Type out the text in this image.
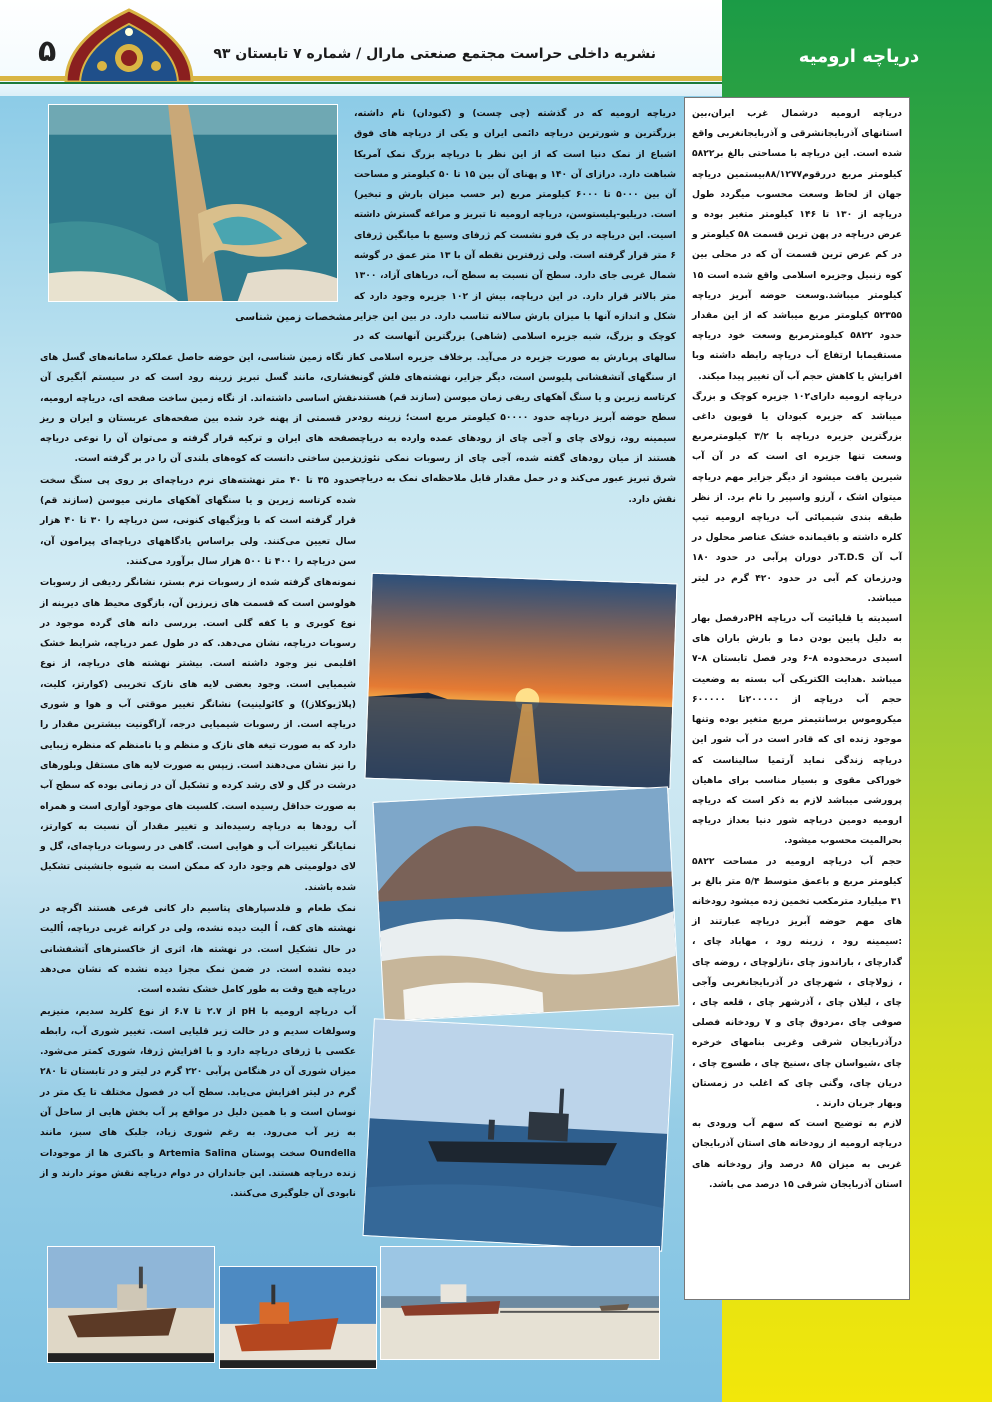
۵	نشریه داخلی حراست مجتمع صنعتی مارال / شماره ۷ تابستان ۹۳	دریاچه ارومیه

دریاچه ارومیه درشمال غرب ایران،بین استانهای آذربایجانشرقی و آذربایجانغربی واقع شده است. این دریاچه با مساحتی بالغ بر۵۸۲۲ کیلومتر مربع دررقوم۸۸/۱۲۷۷بیستمین دریاچه جهان از لحاظ وسعت محسوب میگردد طول دریاچه از ۱۳۰ تا ۱۴۶ کیلومتر متغیر بوده و عرض دریاچه در پهن ترین قسمت ۵۸ کیلومتر و در کم عرض ترین قسمت آن که در محلی بین کوه زنبیل وجزیره اسلامی واقع شده است ۱۵ کیلومتر میباشد.وسعت حوضه آبریز دریاچه ۵۲۳۵۵ کیلومتر مربع میباشد که از این مقدار حدود ۵۸۲۲ کیلومترمربع وسعت خود دریاچه مستقیمابا ارتفاع آب دریاچه رابطه داشته وبا افزایش یا کاهش حجم آب آن تغییر پیدا میکند.

دریاچه ارومیه دارای۱۰۲ جزیره کوچک و بزرگ میباشد که جزیره کبودان یا قویون داغی بزرگترین جزیره دریاچه با ۳/۲ کیلومترمربع وسعت تنها جزیره ای است که در آن آب شیرین یافت میشود از دیگر جزایر مهم دریاچه میتوان اشک ، آرزو واسپیر را نام برد. از نظر طبقه بندی شیمیائی آب دریاچه ارومیه تیپ کلره داشته و باقیمانده خشک عناصر محلول در آب آن T.D.Sدر دوران پرآبی در حدود ۱۸۰ ودرزمان کم آبی در حدود ۴۲۰ گرم در لیتر میباشد.

اسیدیته یا قلیائیت آب دریاچه PHدرفصل بهار به دلیل پایین بودن دما و بارش باران های اسیدی درمحدوده ۸-۶ ودر فصل تابستان ۸-۷ میباشد .هدایت الکتریکی آب بسته به وضعیت حجم آب دریاچه از ۲۰۰۰۰۰تا ۶۰۰۰۰۰ میکروموس برسانتیمتر مربع متغیر بوده وتنها موجود زنده ای که قادر است در آب شور این دریاچه زندگی نماید آرتمیا سالیناست که خوراکی مقوی و بسیار مناسب برای ماهیان پرورشی میباشد لازم به ذکر است که دریاچه ارومیه دومین دریاچه شور دنیا بعداز دریاچه بحرالمیت محسوب میشود.

حجم آب دریاچه ارومیه در مساحت ۵۸۲۲ کیلومتر مربع و باعمق متوسط ۵/۴ متر بالغ بر ۳۱ میلیارد مترمکعب تخمین زده میشود رودخانه های مهم حوضه آبریز دریاچه عبارتند از :سیمینه رود ، زرینه رود ، مهاباد چای ، گدارچای ، باراندوز چای ،نازلوچای ، روضه چای ، زولاچای ، شهرچای در آذربایجانغربی وآجی چای ، لیلان چای ، آذرشهر چای ، قلعه چای ، صوفی چای ،مردوق چای و ۷ رودخانه فصلی درآذربایجان شرقی وغربی بنامهای خرخره چای ،شیواسان چای ،سنیخ چای ، طسوج چای ، دریان چای، وگنی چای که اغلب در زمستان وبهار جریان دارند .

لازم به توضیح است که سهم آب ورودی به دریاچه ارومیه از رودخانه های استان آذربایجان غربی به میزان ۸۵ درصد واز رودخانه های استان آذربایجان شرقی ۱۵ درصد می باشد.

دریاچه ارومیه که در گذشته (چی چست) و (کبودان) نام داشته، بزرگترین و شورترین دریاچه دائمی ایران و یکی از دریاچه های فوق اشباع از نمک دنیا است که از این نظر با دریاچه بزرگ نمک آمریکا شباهت دارد. درازای آن ۱۴۰ و پهنای آن بین ۱۵ تا ۵۰ کیلومتر و مساحت آن بین ۵۰۰۰ تا ۶۰۰۰ کیلومتر مربع (بر حسب میزان بارش و تبخیر) است. دریلیو-پلیستوسن، دریاچه ارومیه تا تبریز و مراغه گسترش داشته اسیت. این دریاچه در یک فرو نشست کم ژرفای وسیع با میانگین ژرفای ۶ متر قرار گرفته است. ولی ژرفترین نقطه آن با ۱۳ متر عمق در گوشه شمال غربی جای دارد. سطح آن نسبت به سطح آب، دریاهای آزاد، ۱۳۰۰ متر بالاتر قرار دارد. در این دریاچه، بیش از ۱۰۲ جزیره وجود دارد که شکل و اندازه آنها با میزان بارش سالانه تناسب دارد. در بین این جزایر کوچک و بزرگ، شبه جزیره اسلامی (شاهی) بزرگترین آنهاست که در سالهای پربارش به صورت جزیره در می‌آید. برخلاف جزیره اسلامی که از سنگهای آتشفشانی پلیوسن است، دیگر جزایر، نهشته‌های فلش گونه کرتاسه زیرین و یا سنگ آهکهای ریفی زمان میوسن (سازند قم) هستند. سطح حوضه آبریز دریاچه حدود ۵۰۰۰۰ کیلومتر مربع است؛ زرینه رود، سیمینه رود، زولای چای و آجی چای از رودهای عمده وارده به دریاچه هستند از میان رودهای گفته شده، آجی چای از رسوبات نمکی نئوژن شرق تبریز عبور می‌کند و در حمل مقدار قابل ملاحظه‌ای نمک به دریاچه نقش دارد.

مشخصات زمین شناسی

از نگاه زمین شناسی، این حوضه حاصل عملکرد سامانه‌های گسل های فشاری، مانند گسل تبریز زرینه رود است که در سیستم آبگیری آن نقش اساسی داشته‌اند. از نگاه زمین ساخت صفحه ای، دریاچه ارومیه، در قسمتی از پهنه خرد شده بین صفحه‌های عربستان و ایران و ریز صفحه های ایران و ترکیه قرار گرفته و می‌توان آن را نوعی دریاچه زمین ساختی دانست که کوه‌های بلندی آن را در بر گرفته است.

حدود ۳۵ تا ۴۰ متر نهشته‌های نرم دریاچه‌ای بر روی پی سنگ سخت شده کرتاسه زیرین و یا سنگهای آهکهای مارنی میوسن (سازند قم) قرار گرفته است که با ویژگیهای کنونی، سن دریاچه را ۳۰ تا ۴۰ هزار سال تعیین می‌کنند. ولی براساس یادگاههای دریاچه‌ای پیرامون آن، سن دریاچه را ۴۰۰ تا ۵۰۰ هزار سال برآورد می‌کنند.

نمونه‌های گرفته شده از رسوبات نرم بستر، نشانگر ردیفی از رسوبات هولوسن است که قسمت های زیرزین آن، بازگوی محیط های دیرینه از نوع کویری و یا کفه گلی است. بررسی دانه های گرده موجود در رسوبات دریاچه، نشان می‌دهد. که در طول عمر دریاچه، شرایط خشک اقلیمی نیز وجود داشته است. بیشتر نهشته های دریاچه، از نوع شیمیایی است. وجود بعضی لایه های نازک تخریبی (کوارتز، کلیت، (پلاژیوکلاز)) و کائولینیت) نشانگر تغییر موقتی آب و هوا و شوری دریاچه است. از رسوبات شیمیایی درجه، آراگونیت بیشترین مقدار را دارد که به صورت تیغه های نازک و منظم و یا نامنظم که منظره زیبایی را نیز نشان می‌دهند است. زیپس به صورت لایه های مستقل وبلورهای درشت در گل و لای رشد کرده و تشکیل آن در زمانی بوده که سطح آب به صورت حداقل رسیده است. کلسیت های موجود آواری است و همراه آب رودها به دریاچه رسیده‌اند و تغییر مقدار آن نسبت به کوارتز، نمایانگر تغییرات آب و هوایی است. گاهی در رسوبات دریاچه‌ای، گل و لای دولومیتی هم وجود دارد که ممکن است به شیوه جانشینی تشکیل شده باشند.

نمک طعام و فلدسپارهای پتاسیم دار کانی فرعی هستند اگرچه در نهشته های کف، اُ الیت دیده نشده، ولی در کرانه غربی دریاچه، اُالیت در حال تشکیل است. در نهشته ها، اثری از خاکسترهای آتشفشانی دیده نشده است. در ضمن نمک مجزا دیده نشده که نشان می‌دهد دریاچه هیچ وقت به طور کامل خشک نشده است.

آب دریاچه ارومیه با pH از ۲.۷ تا ۶.۷ از نوع کلرید سدیم، منیزیم وسولفات سدیم و در حالت زیر قلیایی است. تغییر شوری آب، رابطه عکسی با ژرفای دریاچه دارد و با افزایش ژرفا، شوری کمتر می‌شود. میزان شوری آن در هنگامن پرآبی ۲۲۰ گرم در لیتر و در تابستان تا ۲۸۰ گرم در لیتر افزایش می‌یابد. سطح آب در فصول مختلف تا یک متر در نوسان است و با همین دلیل در مواقع پر آب بخش هایی از ساحل آن به زیر آب می‌رود. به رغم شوری زیاد، جلبک های سبز، مانند Oundella سخت پوستان Artemia Salina و باکتری ها از موجودات زنده دریاچه هستند. این جانداران در دوام دریاچه نقش موثر دارند و از نابودی آن جلوگیری می‌کنند.
